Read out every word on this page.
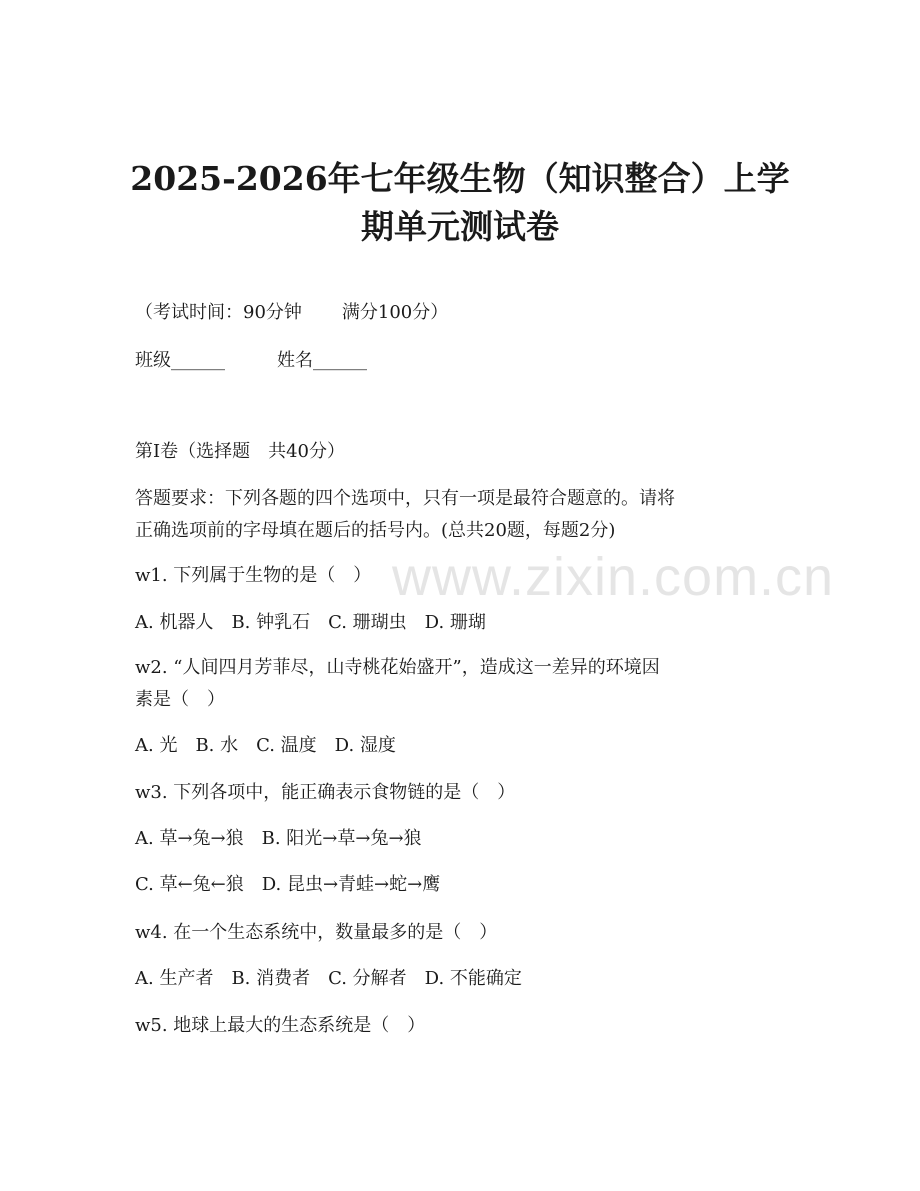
www.zixin.com.cn
2025-2026年七年级生物（知识整合）上学
期单元测试卷
（考试时间：90分钟 满分100分）
班级______	姓名______
第Ⅰ卷（选择题　共40分）
答题要求：下列各题的四个选项中，只有一项是最符合题意的。请将
正确选项前的字母填在题后的括号内。(总共20题，每题2分)
w1. 下列属于生物的是（　）
A. 机器人　B. 钟乳石　C. 珊瑚虫　D. 珊瑚
w2. “人间四月芳菲尽，山寺桃花始盛开”，造成这一差异的环境因
素是（　）
A. 光　B. 水　C. 温度　D. 湿度
w3. 下列各项中，能正确表示食物链的是（　）
A. 草→兔→狼　B. 阳光→草→兔→狼
C. 草←兔←狼　D. 昆虫→青蛙→蛇→鹰
w4. 在一个生态系统中，数量最多的是（　）
A. 生产者　B. 消费者　C. 分解者　D. 不能确定
w5. 地球上最大的生态系统是（　）
